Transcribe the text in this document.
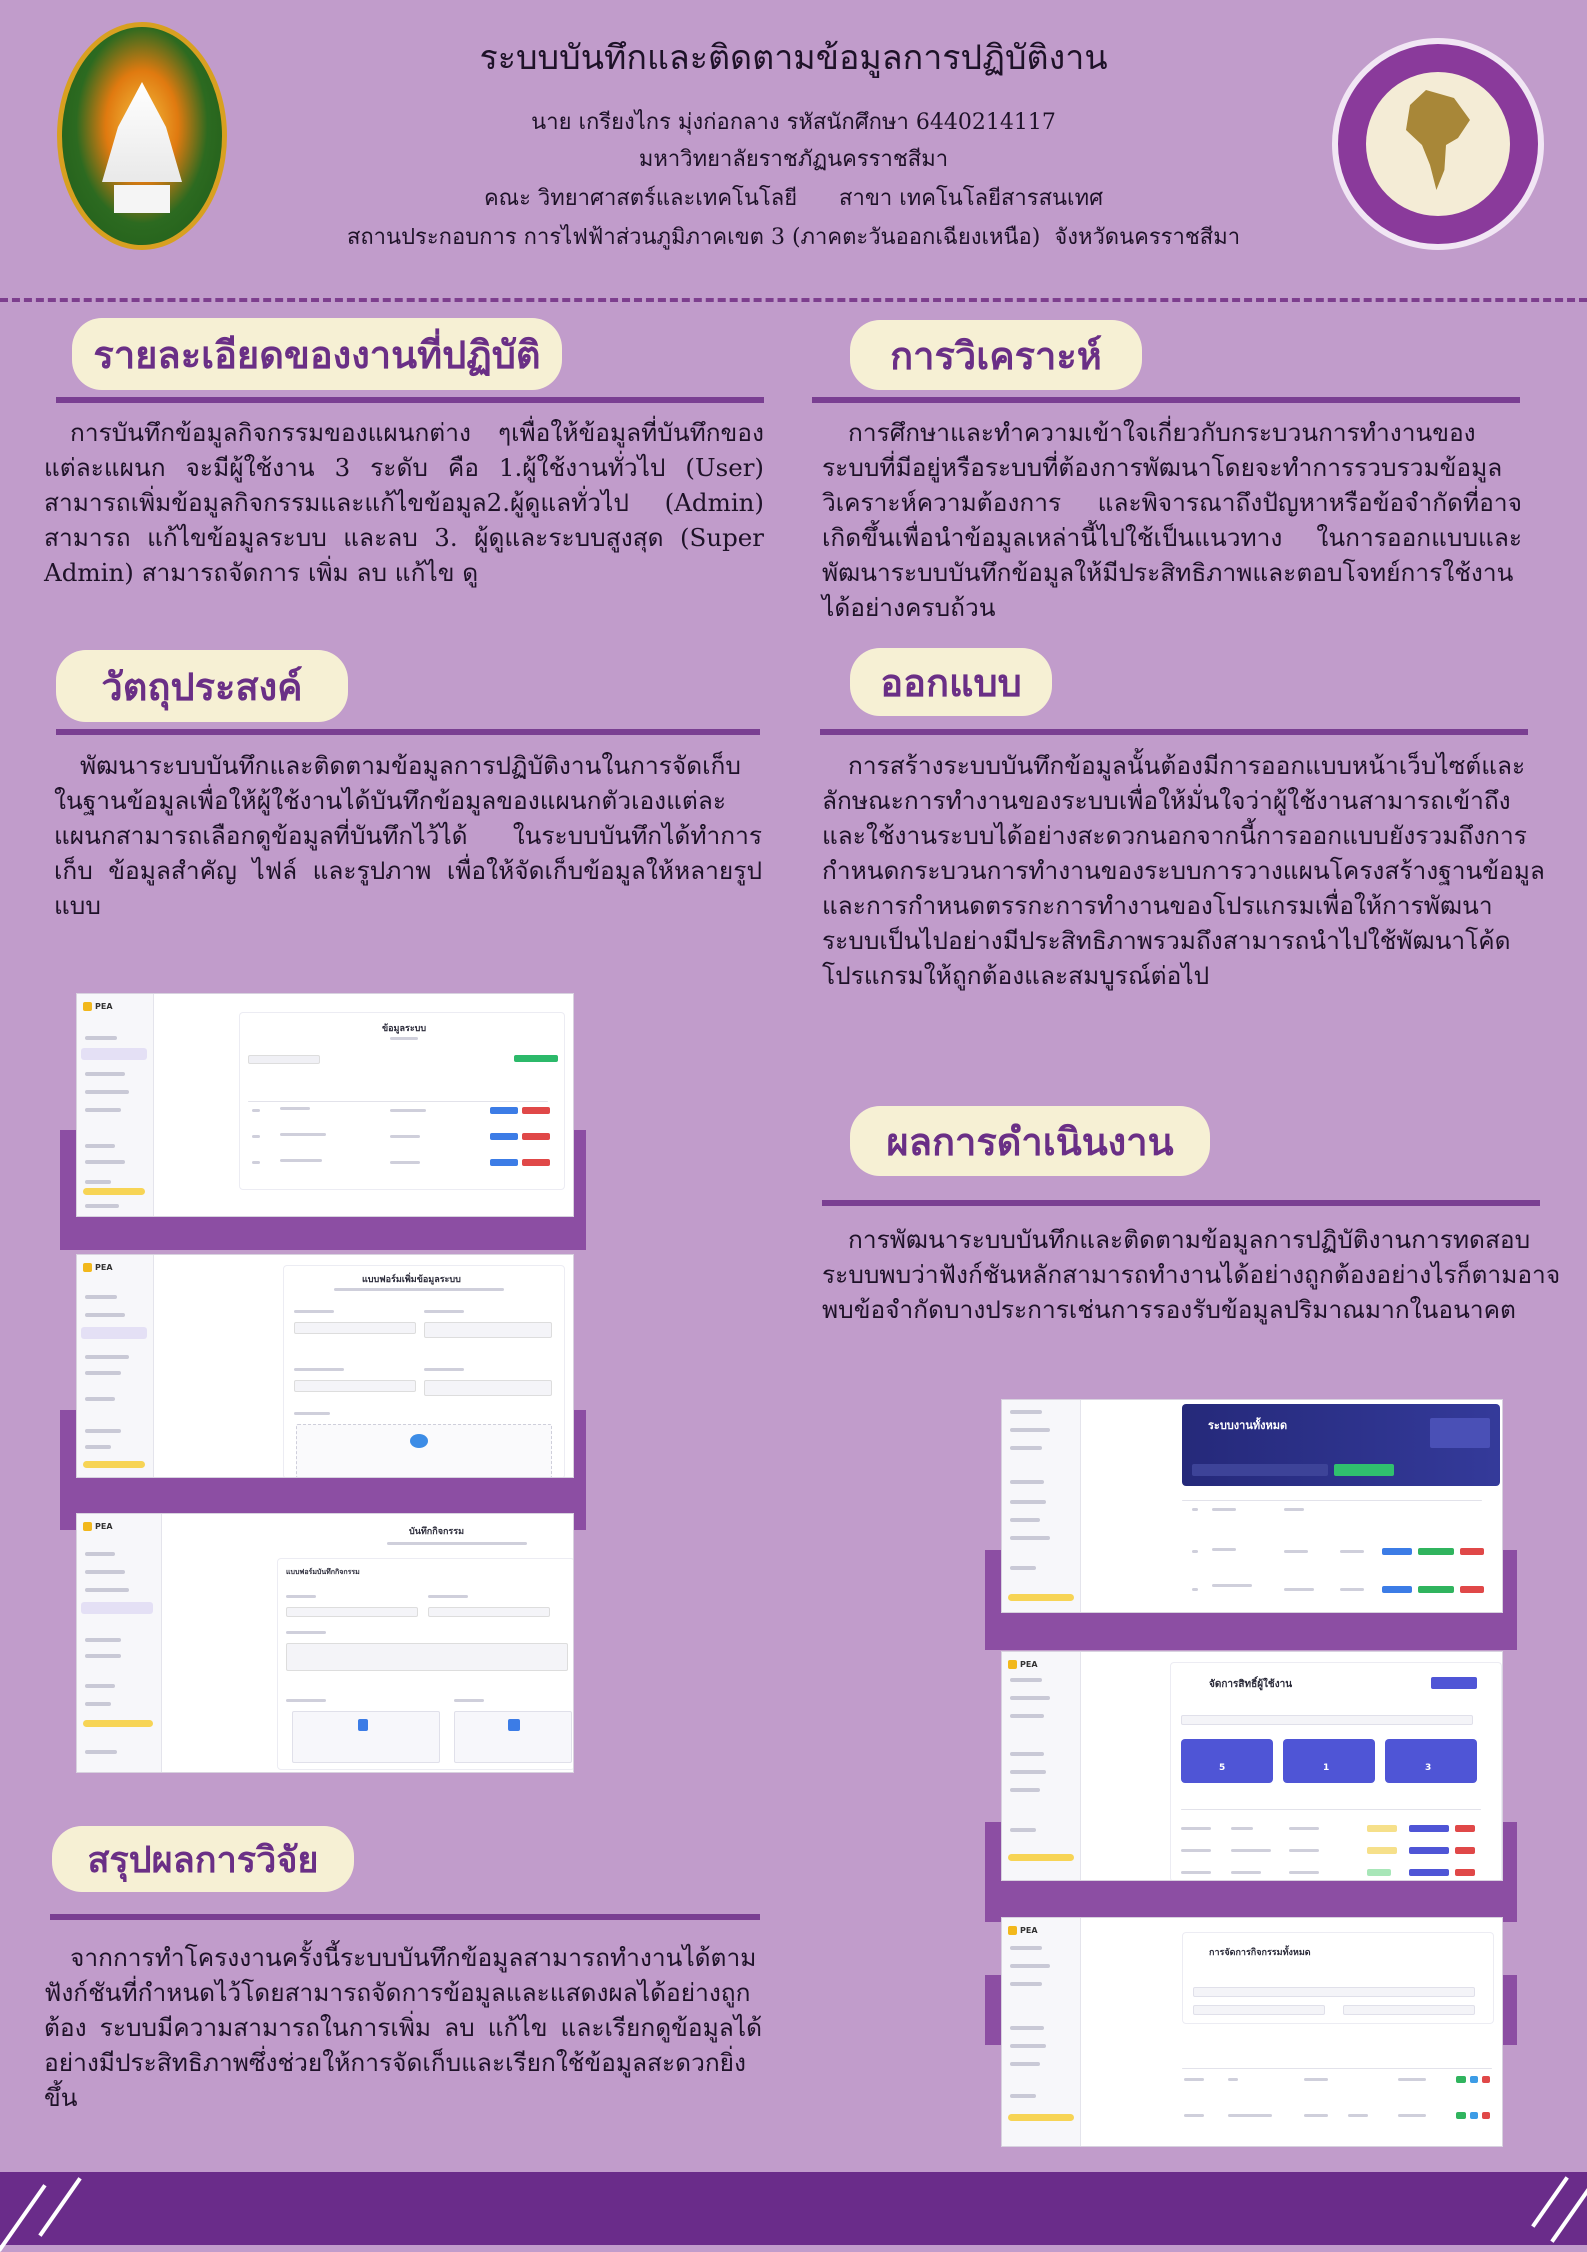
ระบบบันทึกและติดตามข้อมูลการปฏิบัติงาน
นาย เกรียงไกร มุ่งก่อกลาง รหัสนักศึกษา 6440214117
มหาวิทยาลัยราชภัฏนครราชสีมา
คณะ วิทยาศาสตร์และเทคโนโลยี      สาขา เทคโนโลยีสารสนเทศ
สถานประกอบการ การไฟฟ้าส่วนภูมิภาคเขต 3 (ภาคตะวันออกเฉียงเหนือ)  จังหวัดนครราชสีมา
รายละเอียดของงานที่ปฏิบัติ
การบันทึกข้อมูลกิจกรรมของแผนกต่าง ๆเพื่อให้ข้อมูลที่บันทึกของแต่ละแผนก จะมีผู้ใช้งาน 3 ระดับ คือ 1.ผู้ใช้งานทั่วไป (User) สามารถเพิ่มข้อมูลกิจกรรมและแก้ไขข้อมูล2.ผู้ดูแลทั่วไป (Admin) สามารถ แก้ไขข้อมูลระบบ และลบ 3. ผู้ดูและระบบสูงสุด (Super Admin) สามารถจัดการ เพิ่ม ลบ แก้ไข ดู
วัตถุประสงค์
พัฒนาระบบบันทึกและติดตามข้อมูลการปฏิบัติงานในการจัดเก็บในฐานข้อมูลเพื่อให้ผู้ใช้งานได้บันทึกข้อมูลของแผนกตัวเองแต่ละแผนกสามารถเลือกดูข้อมูลที่บันทึกไว้ได้ ในระบบบันทึกได้ทำการเก็บ ข้อมูลสำคัญ ไฟล์ และรูปภาพ เพื่อให้จัดเก็บข้อมูลให้หลายรูปแบบ
PEA
ข้อมูลระบบ
PEA
แบบฟอร์มเพิ่มข้อมูลระบบ
PEA
บันทึกกิจกรรม
แบบฟอร์มบันทึกกิจกรรม
สรุปผลการวิจัย
จากการทำโครงงานครั้งนี้ระบบบันทึกข้อมูลสามารถทำงานได้ตามฟังก์ชันที่กำหนดไว้โดยสามารถจัดการข้อมูลและแสดงผลได้อย่างถูกต้อง ระบบมีความสามารถในการเพิ่ม ลบ แก้ไข และเรียกดูข้อมูลได้อย่างมีประสิทธิภาพซึ่งช่วยให้การจัดเก็บและเรียกใช้ข้อมูลสะดวกยิ่งขึ้น
การวิเคราะห์
การศึกษาและทำความเข้าใจเกี่ยวกับกระบวนการทำงานของระบบที่มีอยู่หรือระบบที่ต้องการพัฒนาโดยจะทำการรวบรวมข้อมูลวิเคราะห์ความต้องการ และพิจารณาถึงปัญหาหรือข้อจำกัดที่อาจเกิดขึ้นเพื่อนำข้อมูลเหล่านี้ไปใช้เป็นแนวทาง ในการออกแบบและพัฒนาระบบบันทึกข้อมูลให้มีประสิทธิภาพและตอบโจทย์การใช้งานได้อย่างครบถ้วน
ออกแบบ
การสร้างระบบบันทึกข้อมูลนั้นต้องมีการออกแบบหน้าเว็บไซต์และลักษณะการทำงานของระบบเพื่อให้มั่นใจว่าผู้ใช้งานสามารถเข้าถึงและใช้งานระบบได้อย่างสะดวกนอกจากนี้การออกแบบยังรวมถึงการกำหนดกระบวนการทำงานของระบบการวางแผนโครงสร้างฐานข้อมูลและการกำหนดตรรกะการทำงานของโปรแกรมเพื่อให้การพัฒนาระบบเป็นไปอย่างมีประสิทธิภาพรวมถึงสามารถนำไปใช้พัฒนาโค้ดโปรแกรมให้ถูกต้องและสมบูรณ์ต่อไป
ผลการดำเนินงาน
การพัฒนาระบบบันทึกและติดตามข้อมูลการปฏิบัติงานการทดสอบระบบพบว่าฟังก์ชันหลักสามารถทำงานได้อย่างถูกต้องอย่างไรก็ตามอาจพบข้อจำกัดบางประการเช่นการรองรับข้อมูลปริมาณมากในอนาคต
ระบบงานทั้งหมด
PEA
จัดการสิทธิ์ผู้ใช้งาน
5	1	3
PEA
การจัดการกิจกรรมทั้งหมด
